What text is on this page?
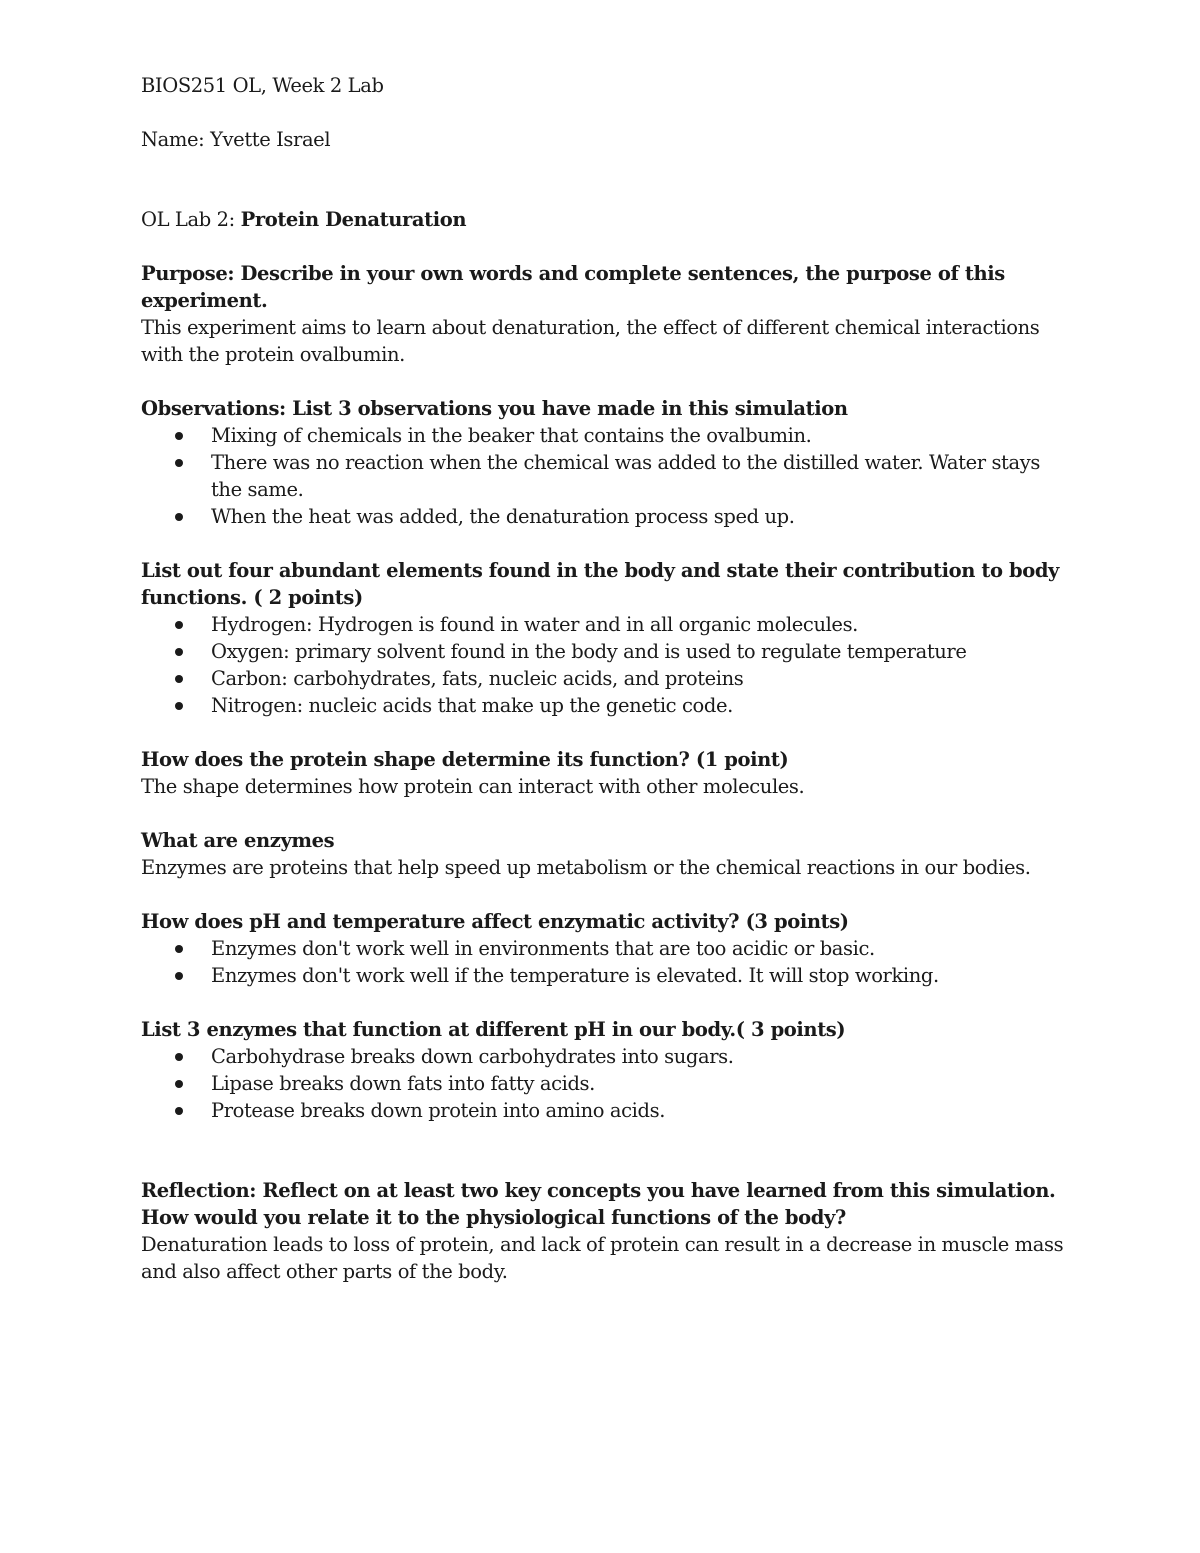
BIOS251 OL, Week 2 Lab

Name: Yvette Israel

OL Lab 2: Protein Denaturation

Purpose: Describe in your own words and complete sentences, the purpose of this experiment.

This experiment aims to learn about denaturation, the effect of different chemical interactions with the protein ovalbumin.

Observations: List 3 observations you have made in this simulation

Mixing of chemicals in the beaker that contains the ovalbumin.
There was no reaction when the chemical was added to the distilled water. Water stays the same.
When the heat was added, the denaturation process sped up.

List out four abundant elements found in the body and state their contribution to body functions. ( 2 points)

Hydrogen: Hydrogen is found in water and in all organic molecules.
Oxygen: primary solvent found in the body and is used to regulate temperature
Carbon: carbohydrates, fats, nucleic acids, and proteins
Nitrogen: nucleic acids that make up the genetic code.

How does the protein shape determine its function? (1 point)

The shape determines how protein can interact with other molecules.

What are enzymes

Enzymes are proteins that help speed up metabolism or the chemical reactions in our bodies.

How does pH and temperature affect enzymatic activity? (3 points)

Enzymes don't work well in environments that are too acidic or basic.
Enzymes don't work well if the temperature is elevated. It will stop working.

List 3 enzymes that function at different pH in our body.( 3 points)

Carbohydrase breaks down carbohydrates into sugars.
Lipase breaks down fats into fatty acids.
Protease breaks down protein into amino acids.

Reflection: Reflect on at least two key concepts you have learned from this simulation. How would you relate it to the physiological functions of the body?

Denaturation leads to loss of protein, and lack of protein can result in a decrease in muscle mass and also affect other parts of the body.
